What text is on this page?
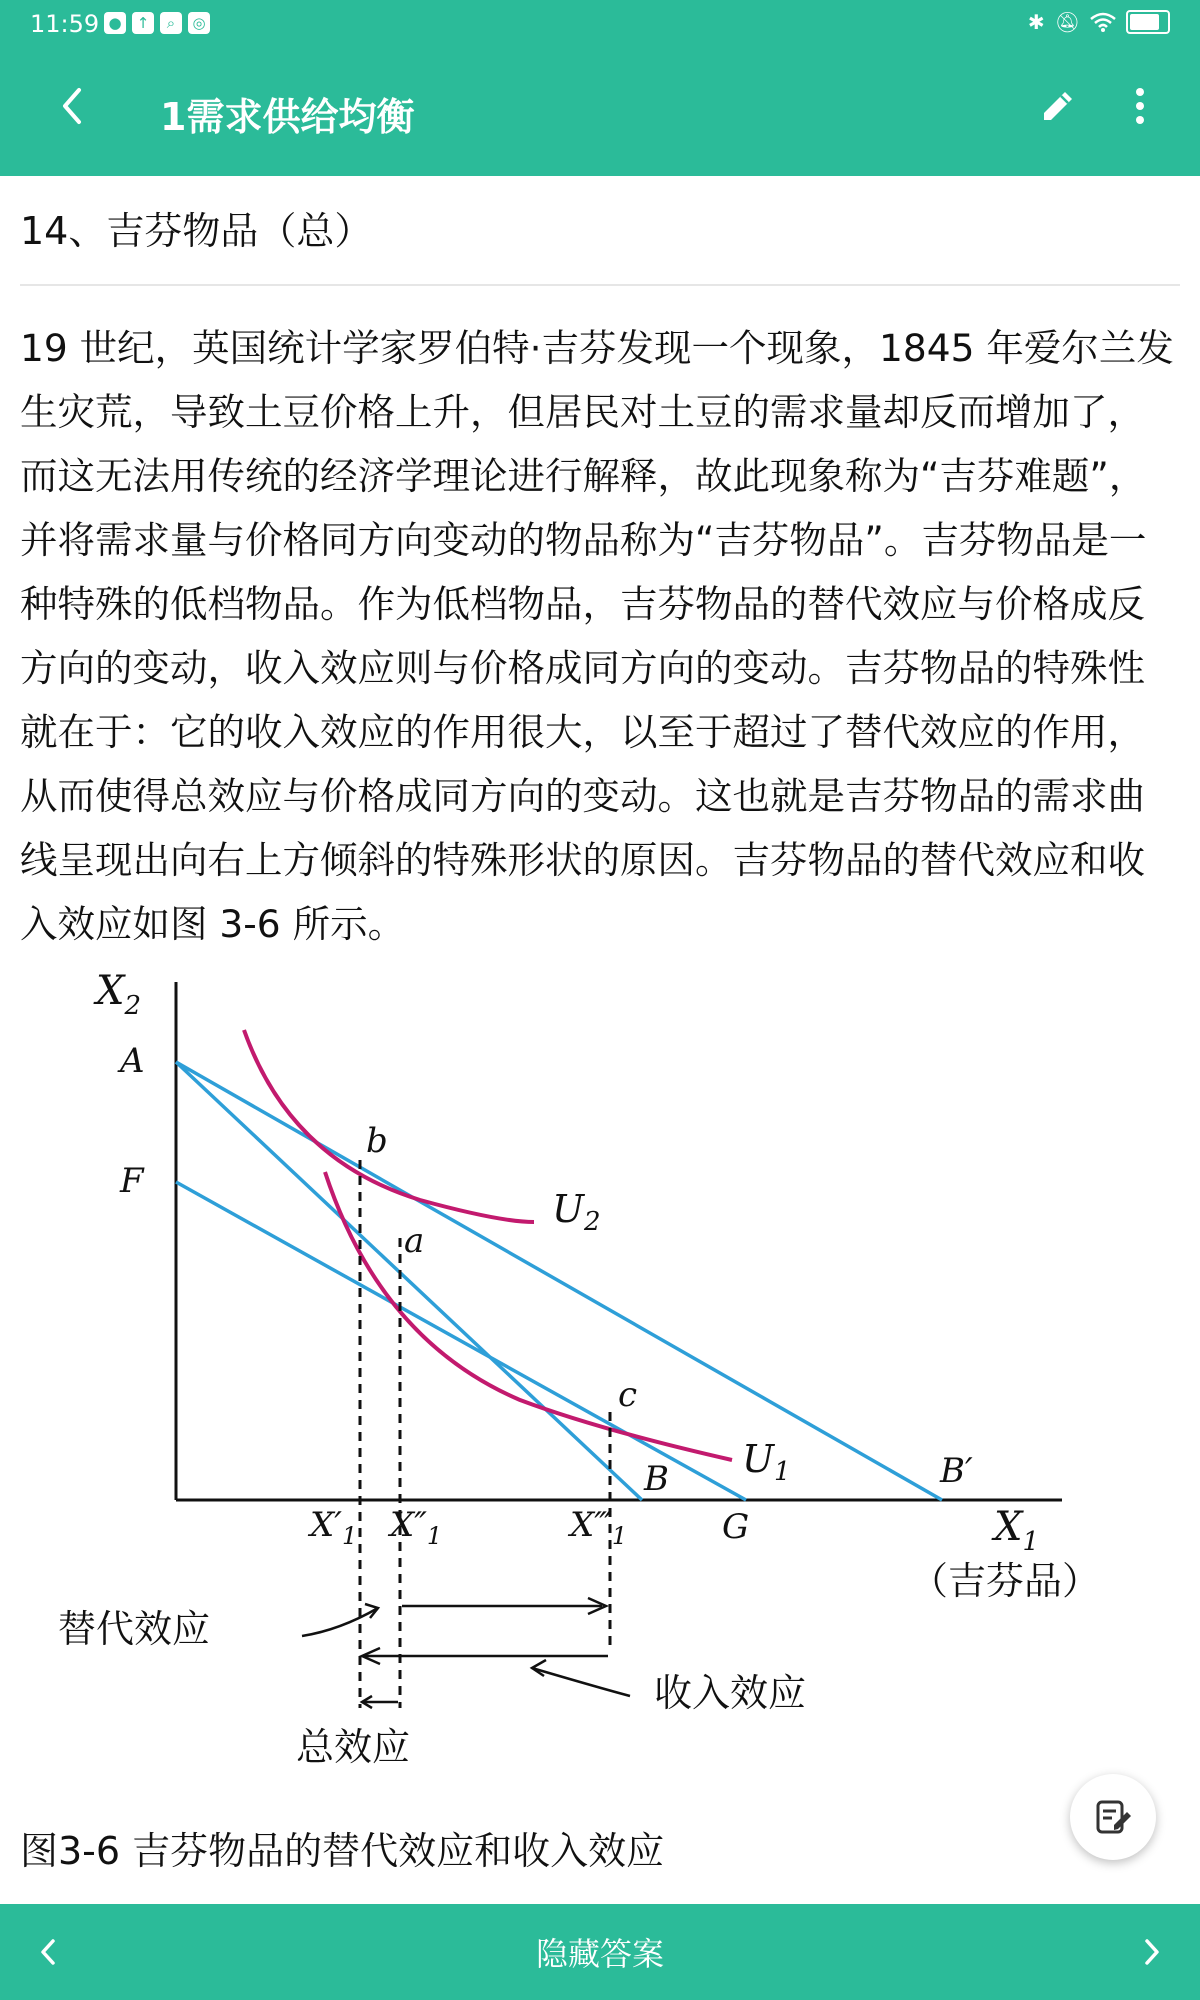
11:59 ●	↑	⌕	◎	✱ 🔕︎
1需求供给均衡
14、吉芬物品（总）
19 世纪，英国统计学家罗伯特·吉芬发现一个现象，1845 年爱尔兰发生灾荒，导致土豆价格上升，但居民对土豆的需求量却反而增加了，而这无法用传统的经济学理论进行解释，故此现象称为“吉芬难题”，并将需求量与价格同方向变动的物品称为“吉芬物品”。吉芬物品是一种特殊的低档物品。作为低档物品，吉芬物品的替代效应与价格成反方向的变动，收入效应则与价格成同方向的变动。吉芬物品的特殊性就在于：它的收入效应的作用很大，以至于超过了替代效应的作用，从而使得总效应与价格成同方向的变动。这也就是吉芬物品的需求曲线呈现出向右上方倾斜的特殊形状的原因。吉芬物品的替代效应和收入效应如图 3-6 所示。
$X_2$
A
F
b
a
c
$U_2$
$U_1$
B	B′
G	$X_1$
（吉芬品）
$X'_1$ $X''_1$	$X‴_1$
替代效应
收入效应
总效应
图3-6 吉芬物品的替代效应和收入效应
隐藏答案
